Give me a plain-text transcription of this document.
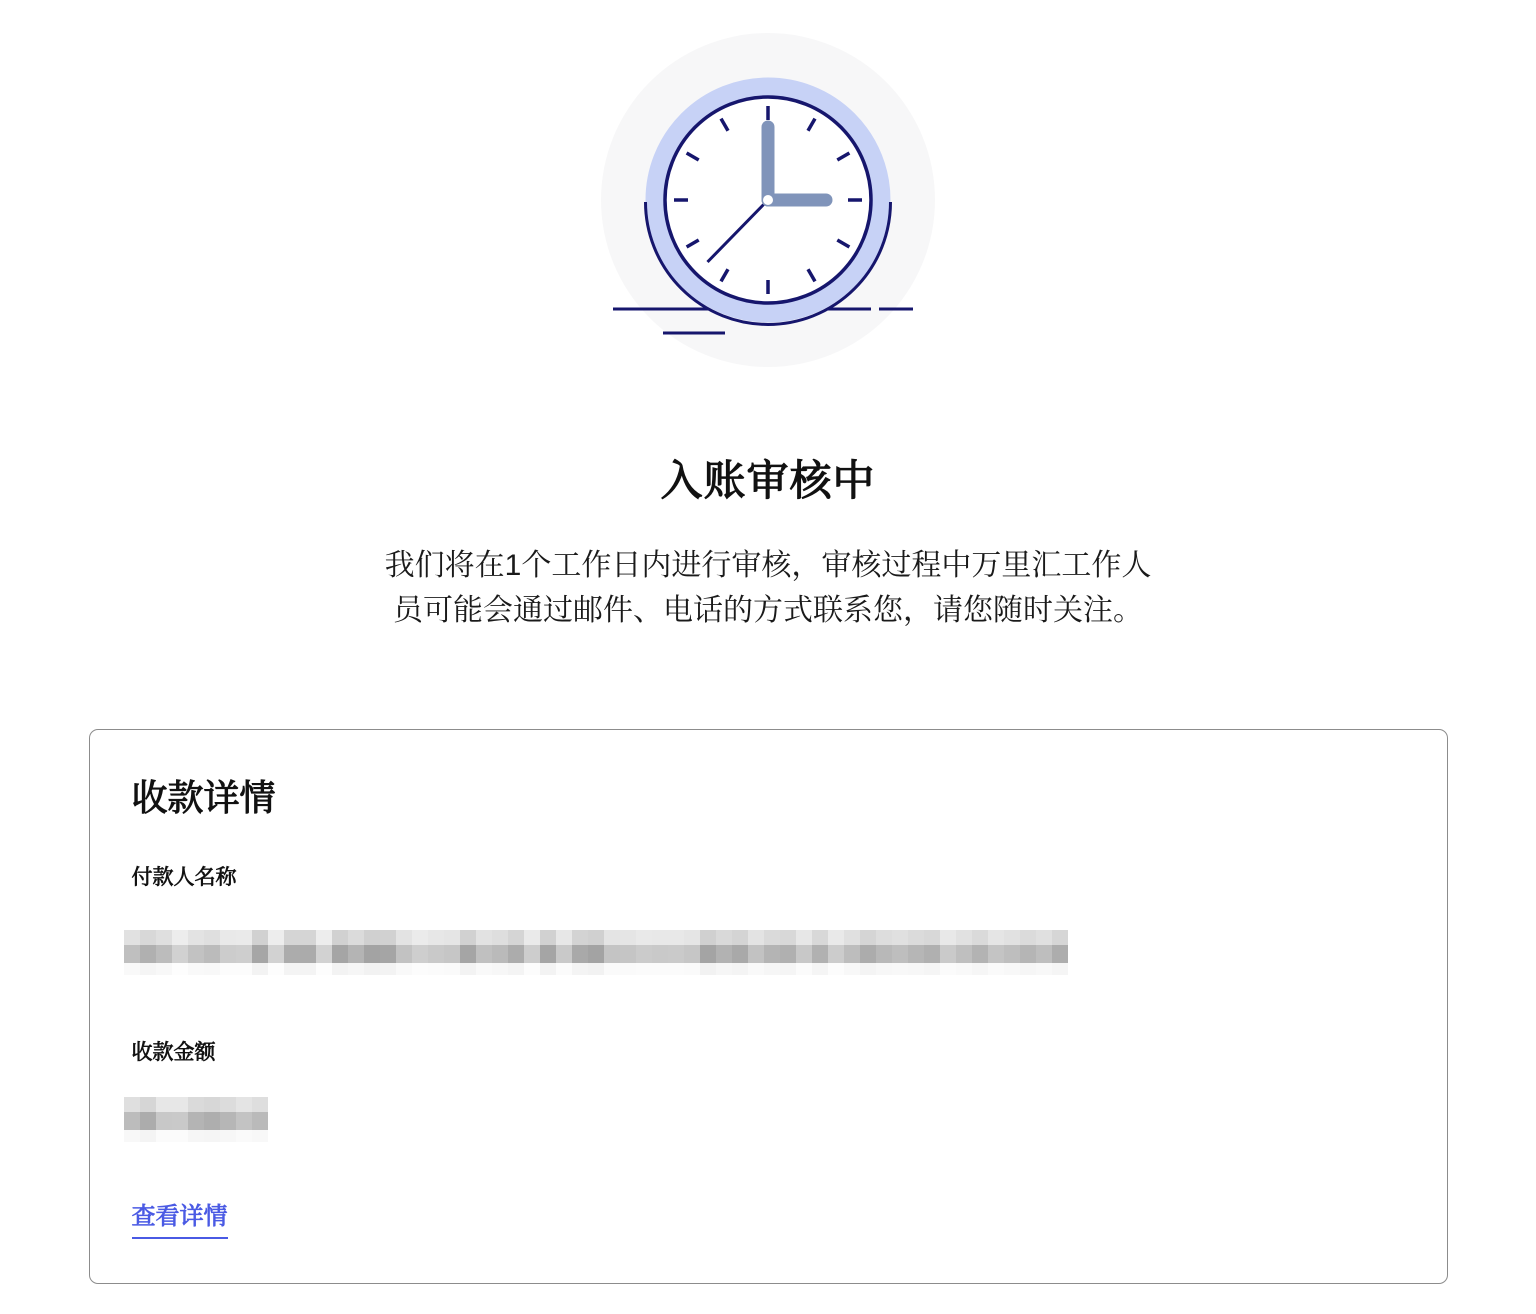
入账审核中

我们将在1个工作日内进行审核，审核过程中万里汇工作人
员可能会通过邮件、电话的方式联系您，请您随时关注。

收款详情
付款人名称
收款金额
查看详情
